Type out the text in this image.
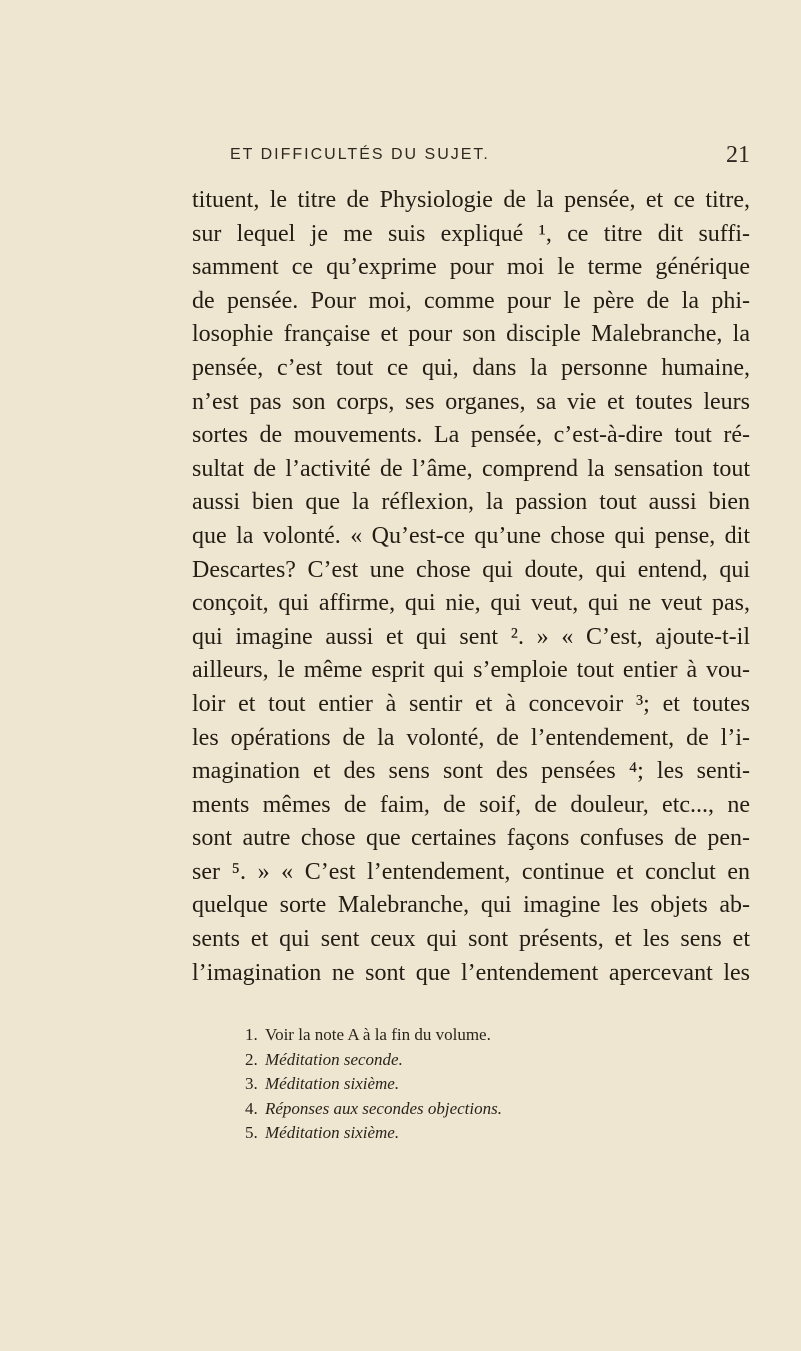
ET DIFFICULTÉS DU SUJET.	21
tituent, le titre de Physiologie de la pensée, et ce titre,
sur lequel je me suis expliqué ¹, ce titre dit suffi-
samment ce qu’exprime pour moi le terme générique
de pensée. Pour moi, comme pour le père de la phi-
losophie française et pour son disciple Malebranche, la
pensée, c’est tout ce qui, dans la personne humaine,
n’est pas son corps, ses organes, sa vie et toutes leurs
sortes de mouvements. La pensée, c’est-à-dire tout ré-
sultat de l’activité de l’âme, comprend la sensation tout
aussi bien que la réflexion, la passion tout aussi bien
que la volonté. « Qu’est-ce qu’une chose qui pense, dit
Descartes? C’est une chose qui doute, qui entend, qui
conçoit, qui affirme, qui nie, qui veut, qui ne veut pas,
qui imagine aussi et qui sent ². » « C’est, ajoute-t-il
ailleurs, le même esprit qui s’emploie tout entier à vou-
loir et tout entier à sentir et à concevoir ³; et toutes
les opérations de la volonté, de l’entendement, de l’i-
magination et des sens sont des pensées ⁴; les senti-
ments mêmes de faim, de soif, de douleur, etc..., ne
sont autre chose que certaines façons confuses de pen-
ser ⁵. » « C’est l’entendement, continue et conclut en
quelque sorte Malebranche, qui imagine les objets ab-
sents et qui sent ceux qui sont présents, et les sens et
l’imagination ne sont que l’entendement apercevant les
1. Voir la note A à la fin du volume.
2. Méditation seconde.
3. Méditation sixième.
4. Réponses aux secondes objections.
5. Méditation sixième.
